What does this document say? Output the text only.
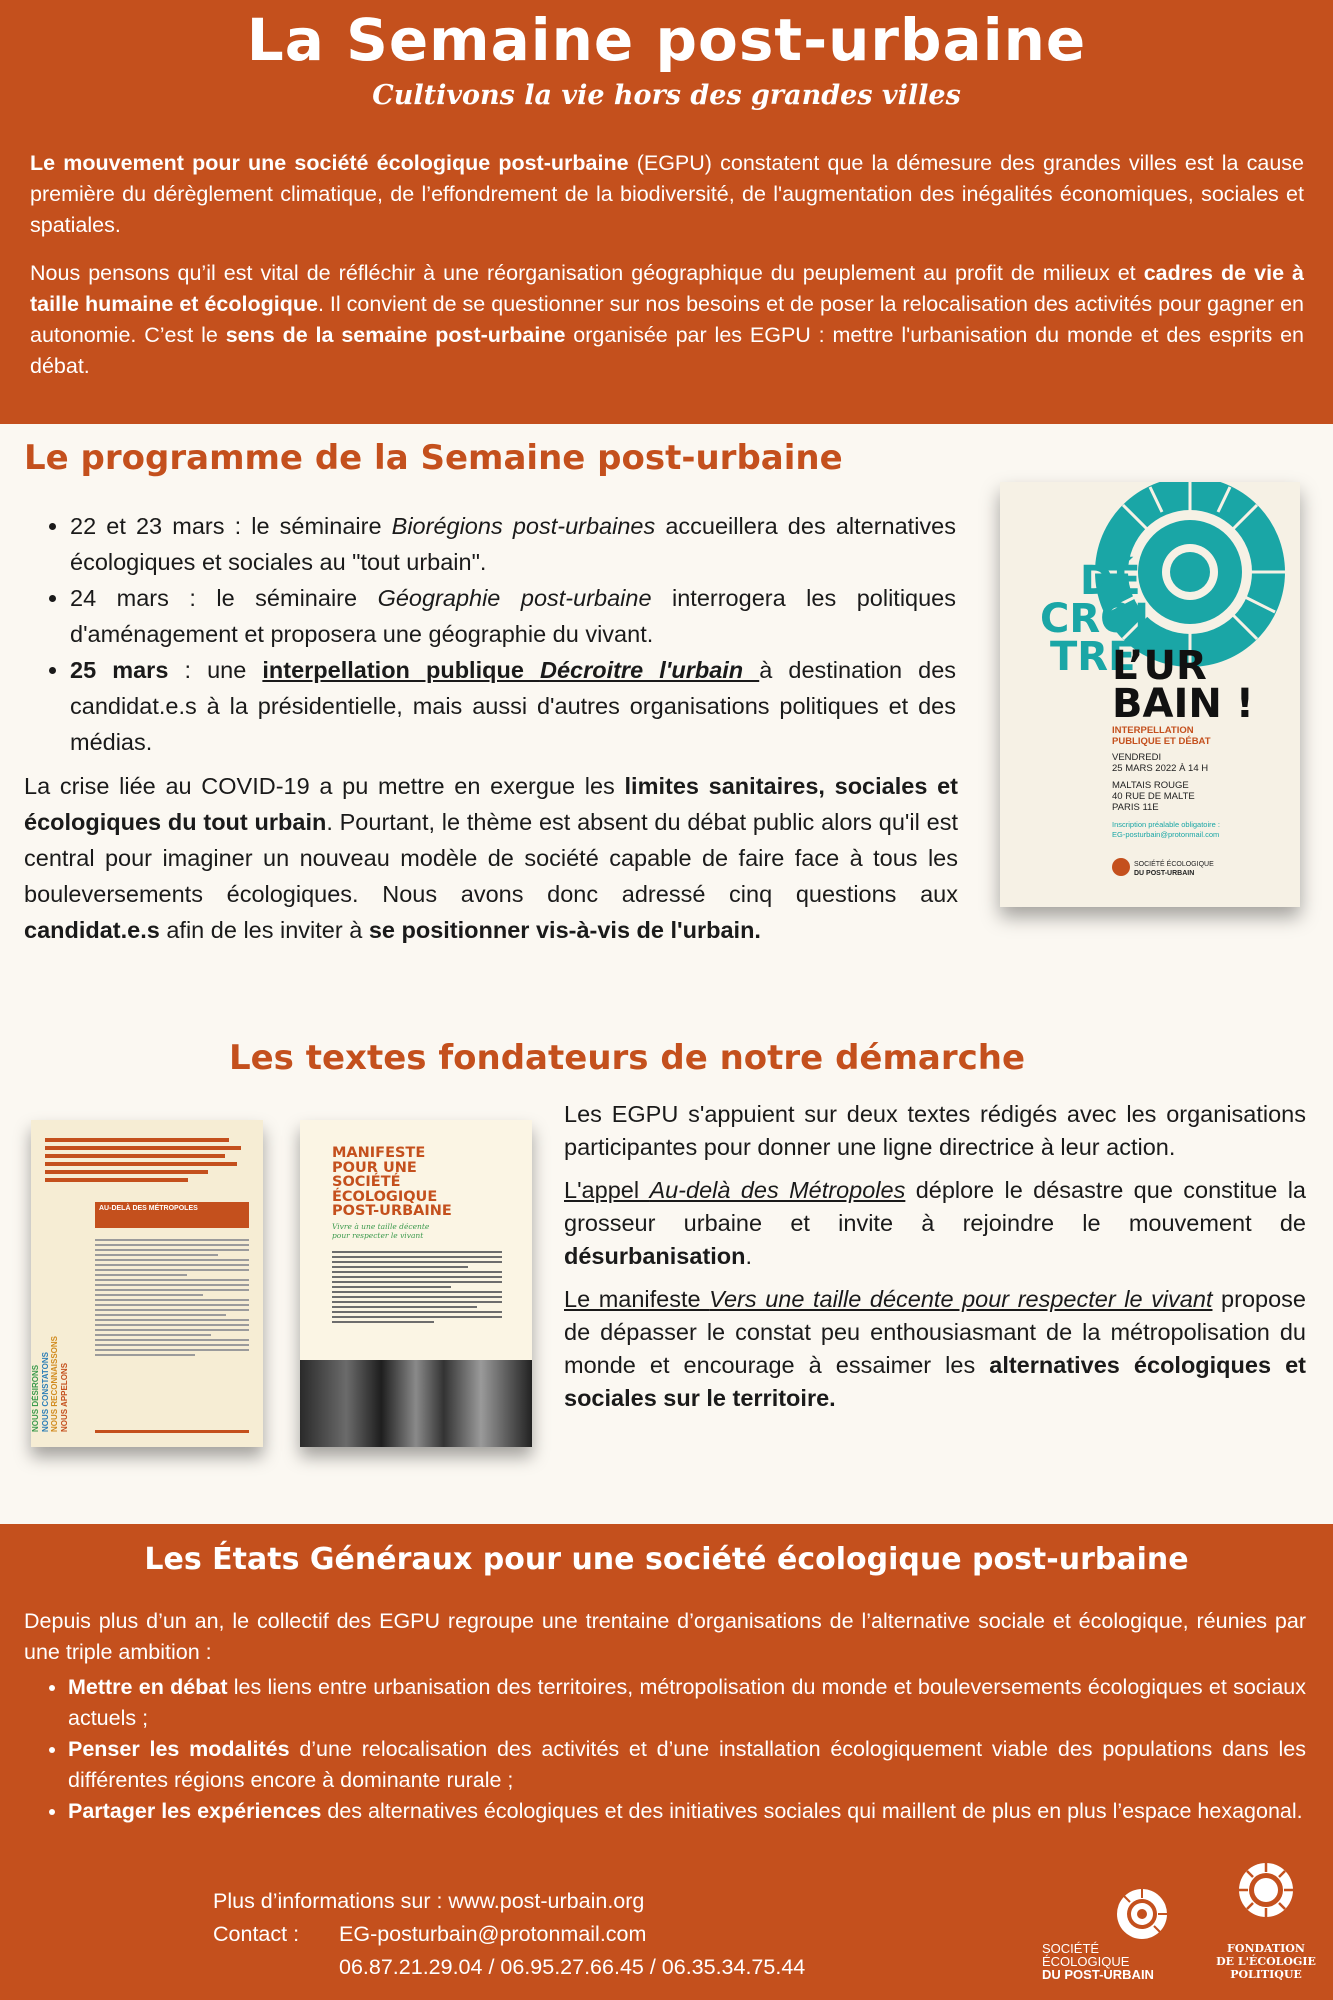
La Semaine post-urbaine
Cultivons la vie hors des grandes villes

Le mouvement pour une société écologique post-urbaine (EGPU) constatent que la démesure des grandes villes est la cause première du dérèglement climatique, de l’effondrement de la biodiversité, de l'augmentation des inégalités économiques, sociales et spatiales.

Nous pensons qu’il est vital de réfléchir à une réorganisation géographique du peuplement au profit de milieux et cadres de vie à taille humaine et écologique. Il convient de se questionner sur nos besoins et de poser la relocalisation des activités pour gagner en autonomie. C’est le sens de la semaine post-urbaine organisée par les EGPU : mettre l'urbanisation du monde et des esprits en débat.

Le programme de la Semaine post-urbaine
• 22 et 23 mars : le séminaire Biorégions post-urbaines accueillera des alternatives écologiques et sociales au "tout urbain".
• 24 mars : le séminaire Géographie post-urbaine interrogera les politiques d'aménagement et proposera une géographie du vivant.
• 25 mars : une interpellation publique Décroitre l'urbain à destination des candidat.e.s à la présidentielle, mais aussi d'autres organisations politiques et des médias.

La crise liée au COVID-19 a pu mettre en exergue les limites sanitaires, sociales et écologiques du tout urbain. Pourtant, le thème est absent du débat public alors qu'il est central pour imaginer un nouveau modèle de société capable de faire face à tous les bouleversements écologiques. Nous avons donc adressé cinq questions aux candidat.e.s afin de les inviter à se positionner vis-à-vis de l'urbain.

DÉ
CROI
TRE
L’UR
BAIN !
INTERPELLATION
PUBLIQUE ET DÉBAT
VENDREDI
25 MARS 2022 À 14 H
MALTAIS ROUGE
40 RUE DE MALTE
PARIS 11E
Inscription préalable obligatoire :
EG-posturbain@protonmail.com
SOCIÉTÉ ÉCOLOGIQUE
DU POST-URBAIN
Les textes fondateurs de notre démarche
AU-DELÀ DES MÉTROPOLES
NOUS DÉSIRONS NOUS CONSTATONS NOUS RECONNAISSONS NOUS APPELONS
MANIFESTE
POUR UNE
SOCIÉTÉ
ÉCOLOGIQUE
POST-URBAINE
Vivre à une taille décente
pour respecter le vivant

Les EGPU s'appuient sur deux textes rédigés avec les organisations participantes pour donner une ligne directrice à leur action.

L'appel Au-delà des Métropoles déplore le désastre que constitue la grosseur urbaine et invite à rejoindre le mouvement de désurbanisation.

Le manifeste Vers une taille décente pour respecter le vivant propose de dépasser le constat peu enthousiasmant de la métropolisation du monde et encourage à essaimer les alternatives écologiques et sociales sur le territoire.

Les États Généraux pour une société écologique post-urbaine
Depuis plus d’un an, le collectif des EGPU regroupe une trentaine d’organisations de l’alternative sociale et écologique, réunies par une triple ambition :
• Mettre en débat les liens entre urbanisation des territoires, métropolisation du monde et bouleversements écologiques et sociaux actuels ;
• Penser les modalités d’une relocalisation des activités et d’une installation écologiquement viable des populations dans les différentes régions encore à dominante rurale ;
• Partager les expériences des alternatives écologiques et des initiatives sociales qui maillent de plus en plus l’espace hexagonal.
Plus d’informations sur : www.post-urbain.org
Contact :	EG-posturbain@protonmail.com
06.87.21.29.04 / 06.95.27.66.45 / 06.35.34.75.44
SOCIÉTÉ
ÉCOLOGIQUE
DU POST-URBAIN
FONDATION
DE L'ÉCOLOGIE
POLITIQUE
